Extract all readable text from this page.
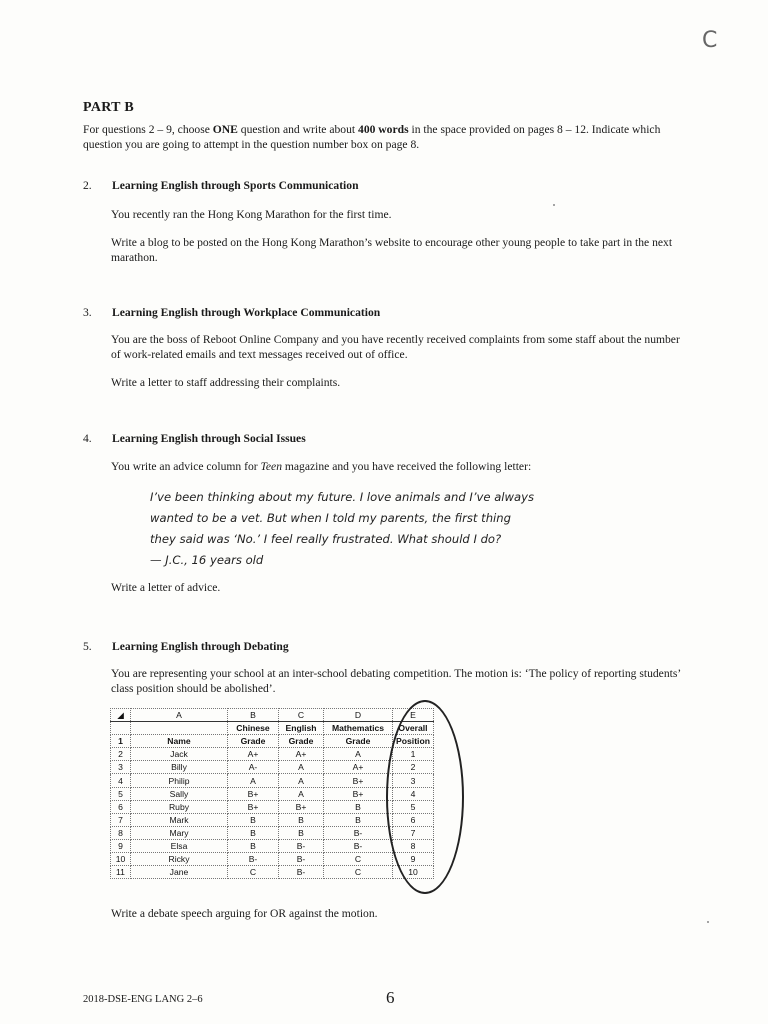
C
PART B
For questions 2 – 9, choose ONE question and write about 400 words in the space provided on pages 8 – 12. Indicate which question you are going to attempt in the question number box on page 8.
2. Learning English through Sports Communication
You recently ran the Hong Kong Marathon for the first time.
Write a blog to be posted on the Hong Kong Marathon’s website to encourage other young people to take part in the next marathon.
3. Learning English through Workplace Communication
You are the boss of Reboot Online Company and you have recently received complaints from some staff about the number of work-related emails and text messages received out of office.
Write a letter to staff addressing their complaints.
4. Learning English through Social Issues
You write an advice column for Teen magazine and you have received the following letter:
I’ve been thinking about my future. I love animals and I’ve always
wanted to be a vet. But when I told my parents, the first thing
they said was ‘No.’ I feel really frustrated. What should I do?
— J.C., 16 years old
Write a letter of advice.
5. Learning English through Debating
You are representing your school at an inter-school debating competition. The motion is: ‘The policy of reporting students’ class position should be abolished’.
◢	A	B	C	D	E
		Chinese	English	Mathematics	Overall
1	Name	Grade	Grade	Grade	Position
2	Jack	A+	A+	A	1
3	Billy	A-	A	A+	2
4	Philip	A	A	B+	3
5	Sally	B+	A	B+	4
6	Ruby	B+	B+	B	5
7	Mark	B	B	B	6
8	Mary	B	B	B-	7
9	Elsa	B	B-	B-	8
10	Ricky	B-	B-	C	9
11	Jane	C	B-	C	10
Write a debate speech arguing for OR against the motion.
2018-DSE-ENG LANG 2–6	6
